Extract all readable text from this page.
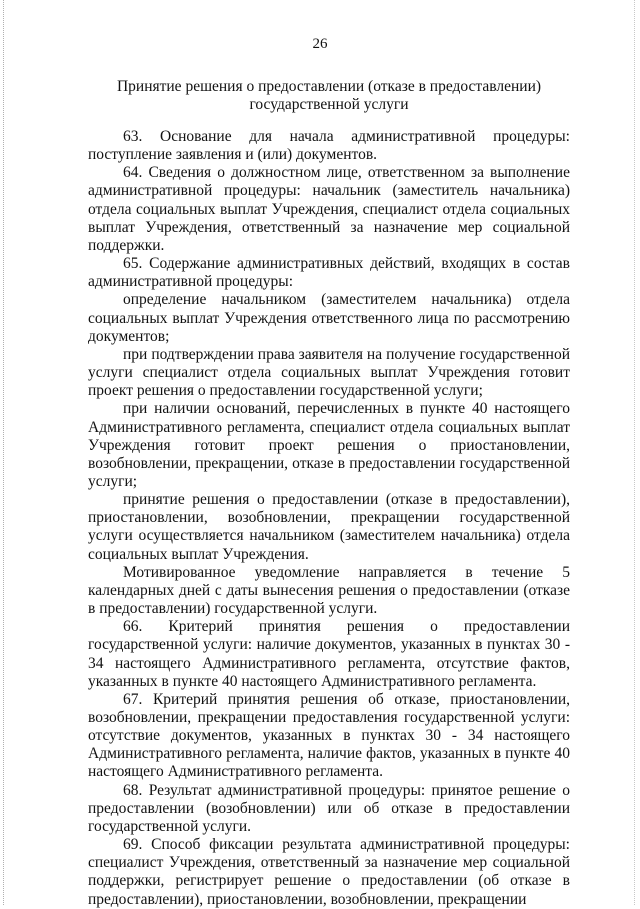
26
Принятие решения о предоставлении (отказе в предоставлении)
государственной услуги

63. Основание для начала административной процедуры: поступление заявления и (или) документов.

64. Сведения о должностном лице, ответственном за выполнение административной процедуры: начальник (заместитель начальника) отдела социальных выплат Учреждения, специалист отдела социальных выплат Учреждения, ответственный за назначение мер социальной поддержки.

65. Содержание административных действий, входящих в состав административной процедуры:

определение начальником (заместителем начальника) отдела социальных выплат Учреждения ответственного лица по рассмотрению документов;

при подтверждении права заявителя на получение государственной услуги специалист отдела социальных выплат Учреждения готовит проект решения о предоставлении государственной услуги;

при наличии оснований, перечисленных в пункте 40 настоящего Административного регламента, специалист отдела социальных выплат Учреждения готовит проект решения о приостановлении, возобновлении, прекращении, отказе в предоставлении государственной услуги;

принятие решения о предоставлении (отказе в предоставлении), приостановлении, возобновлении, прекращении государственной услуги осуществляется начальником (заместителем начальника) отдела социальных выплат Учреждения.

Мотивированное уведомление направляется в течение 5 календарных дней с даты вынесения решения о предоставлении (отказе в предоставлении) государственной услуги.

66. Критерий принятия решения о предоставлении государственной услуги: наличие документов, указанных в пунктах 30 - 34 настоящего Административного регламента, отсутствие фактов, указанных в пункте 40 настоящего Административного регламента.

67. Критерий принятия решения об отказе, приостановлении, возобновлении, прекращении предоставления государственной услуги: отсутствие документов, указанных в пунктах 30 - 34 настоящего Административного регламента, наличие фактов, указанных в пункте 40 настоящего Административного регламента.

68. Результат административной процедуры: принятое решение о предоставлении (возобновлении) или об отказе в предоставлении государственной услуги.

69. Способ фиксации результата административной процедуры: специалист Учреждения, ответственный за назначение мер социальной поддержки, регистрирует решение о предоставлении (об отказе в предоставлении), приостановлении, возобновлении, прекращении
